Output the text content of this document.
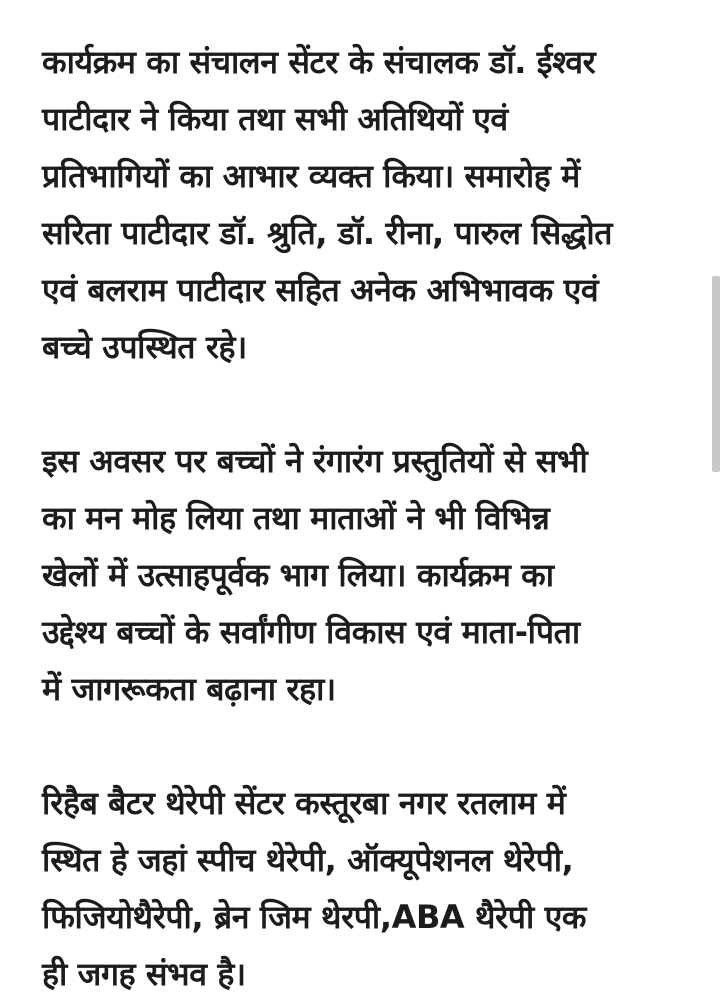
कार्यक्रम का संचालन सेंटर के संचालक डॉ. ईश्वर
पाटीदार ने किया तथा सभी अतिथियों एवं
प्रतिभागियों का आभार व्यक्त किया। समारोह में
सरिता पाटीदार डॉ. श्रुति, डॉ. रीना, पारुल सिद्धोत
एवं बलराम पाटीदार सहित अनेक अभिभावक एवं
बच्चे उपस्थित रहे।
इस अवसर पर बच्चों ने रंगारंग प्रस्तुतियों से सभी
का मन मोह लिया तथा माताओं ने भी विभिन्न
खेलों में उत्साहपूर्वक भाग लिया। कार्यक्रम का
उद्देश्य बच्चों के सर्वांगीण विकास एवं माता-पिता
में जागरूकता बढ़ाना रहा।
रिहैब बैटर थेरेपी सेंटर कस्तूरबा नगर रतलाम में
स्थित हे जहां स्पीच थेरेपी, ऑक्यूपेशनल थेरेपी,
फिजियोथैरेपी, ब्रेन जिम थेरपी,ABA थैरेपी एक
ही जगह संभव है।
